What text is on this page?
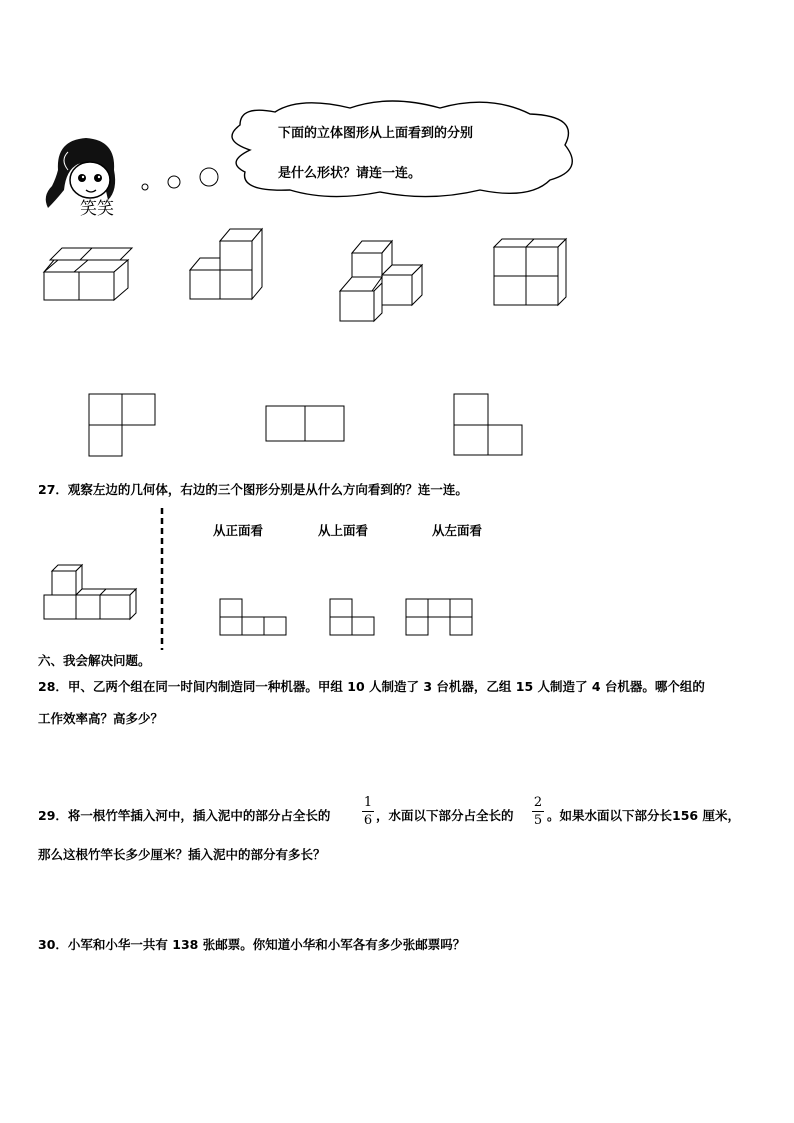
笑笑
下面的立体图形从上面看到的分别
是什么形状？请连一连。
27．观察左边的几何体，右边的三个图形分别是从什么方向看到的？连一连。
从正面看	从上面看	从左面看
六、我会解决问题。
28．甲、乙两个组在同一时间内制造同一种机器。甲组 10 人制造了 3 台机器，乙组 15 人制造了 4 台机器。哪个组的
工作效率高？高多少？
29．将一根竹竿插入河中，插入泥中的部分占全长的
1
6 ，水面以下部分占全长的
2
5 。如果水面以下部分长156 厘米，
那么这根竹竿长多少厘米？插入泥中的部分有多长？
30．小军和小华一共有 138 张邮票。你知道小华和小军各有多少张邮票吗？
